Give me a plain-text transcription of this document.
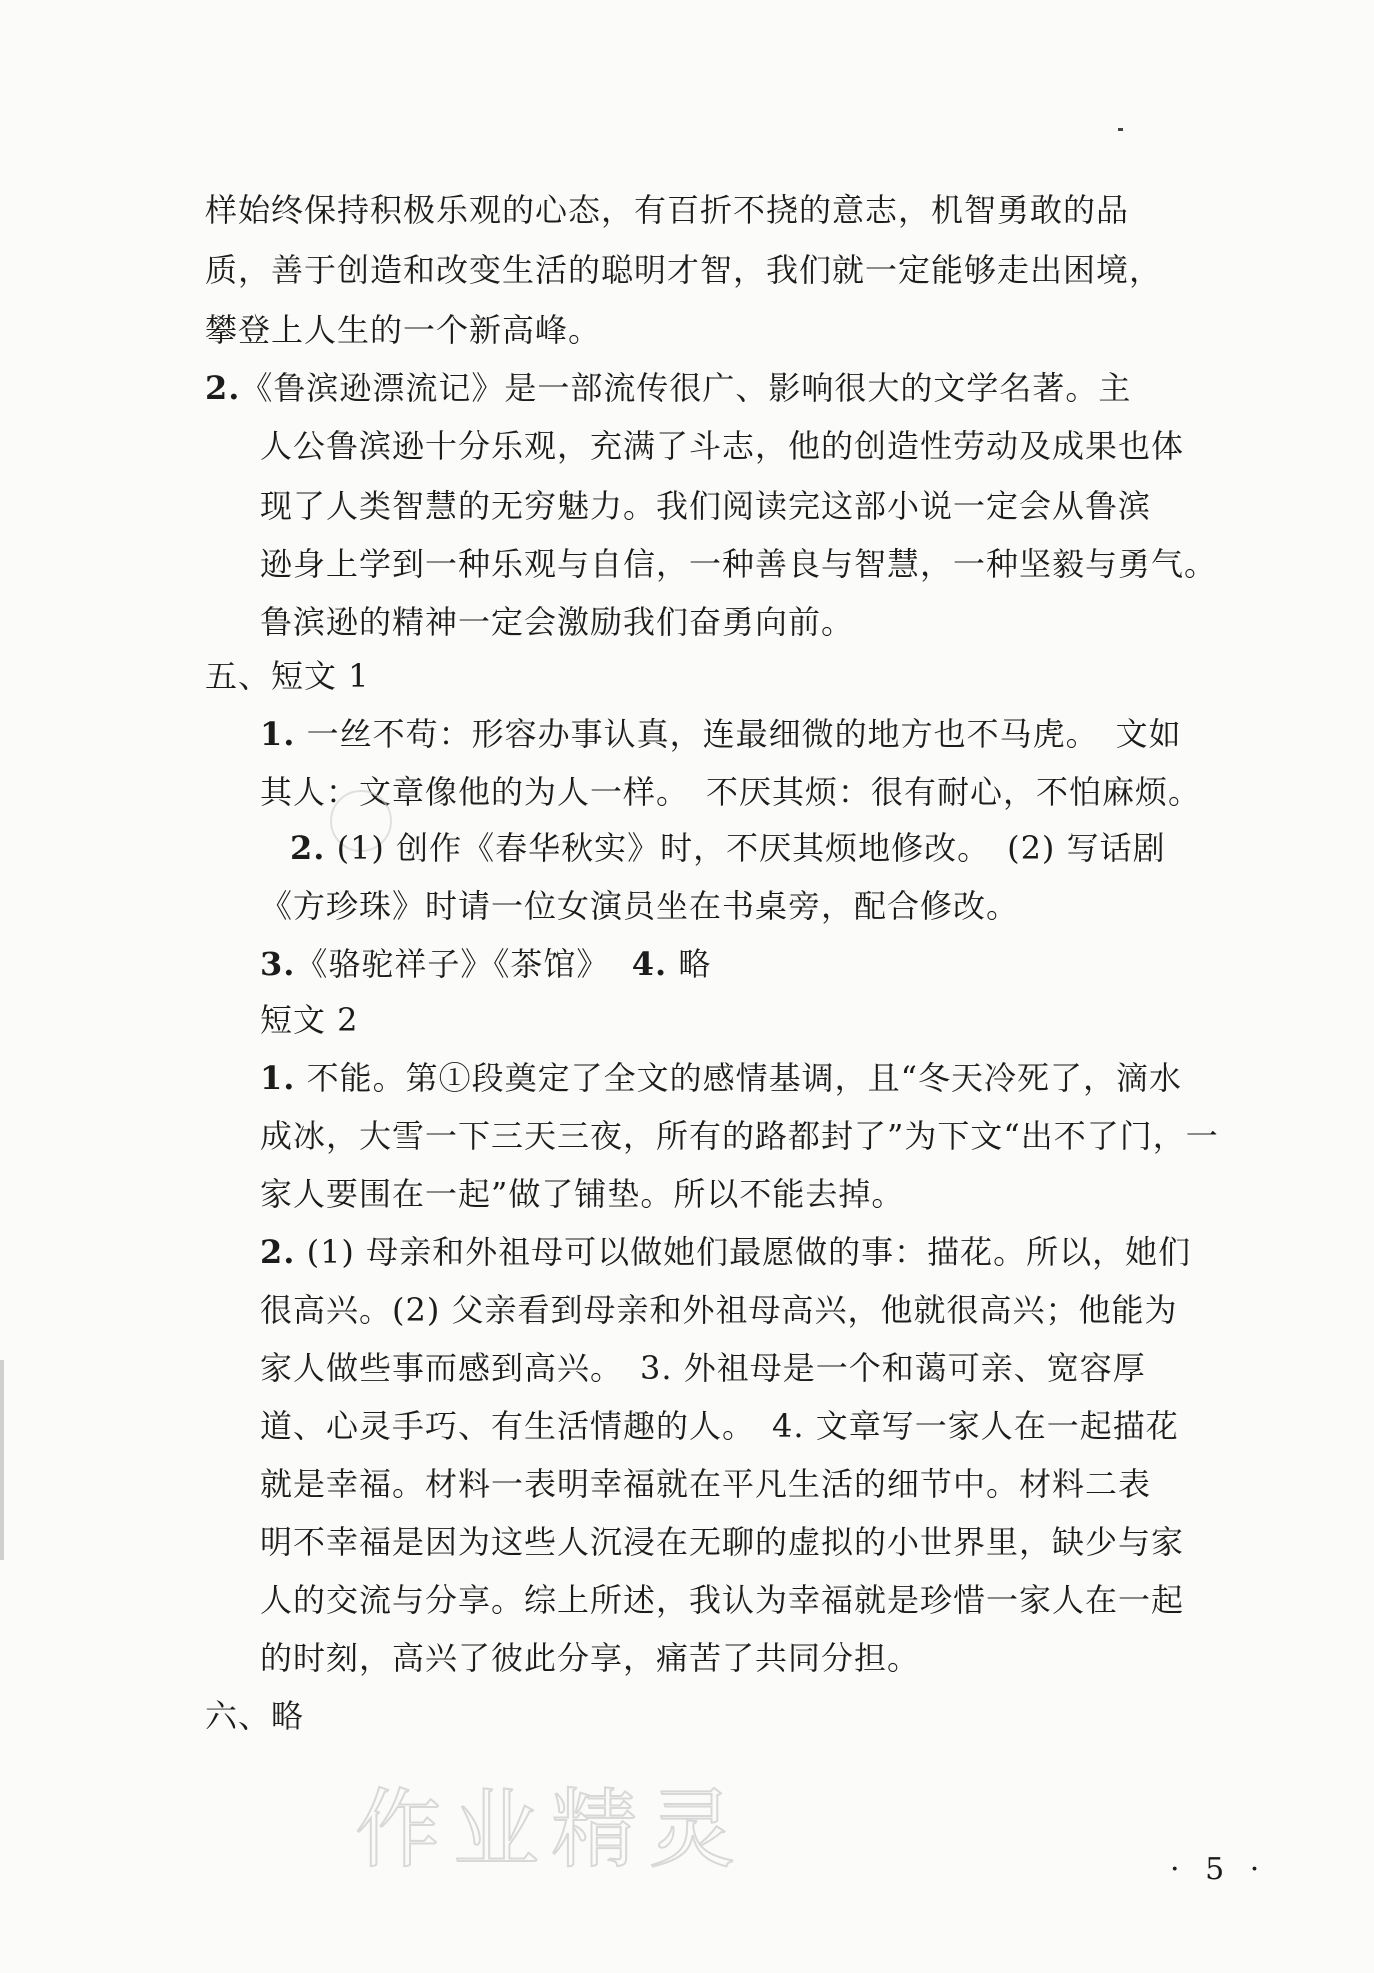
样始终保持积极乐观的心态，有百折不挠的意志，机智勇敢的品
质，善于创造和改变生活的聪明才智，我们就一定能够走出困境，
攀登上人生的一个新高峰。
2.《鲁滨逊漂流记》是一部流传很广、影响很大的文学名著。主
人公鲁滨逊十分乐观，充满了斗志，他的创造性劳动及成果也体
现了人类智慧的无穷魅力。我们阅读完这部小说一定会从鲁滨
逊身上学到一种乐观与自信，一种善良与智慧，一种坚毅与勇气。
鲁滨逊的精神一定会激励我们奋勇向前。
五、短文 1
1. 一丝不苟：形容办事认真，连最细微的地方也不马虎。　文如
其人：文章像他的为人一样。　不厌其烦：很有耐心，不怕麻烦。
2. (1) 创作《春华秋实》时，不厌其烦地修改。　(2) 写话剧
《方珍珠》时请一位女演员坐在书桌旁，配合修改。
3.《骆驼祥子》《茶馆》 4. 略
短文 2
1. 不能。第①段奠定了全文的感情基调，且“冬天冷死了，滴水
成冰，大雪一下三天三夜，所有的路都封了”为下文“出不了门，一
家人要围在一起”做了铺垫。所以不能去掉。
2. (1) 母亲和外祖母可以做她们最愿做的事：描花。所以，她们
很高兴。(2) 父亲看到母亲和外祖母高兴，他就很高兴；他能为
家人做些事而感到高兴。　3. 外祖母是一个和蔼可亲、宽容厚
道、心灵手巧、有生活情趣的人。　4. 文章写一家人在一起描花
就是幸福。材料一表明幸福就在平凡生活的细节中。材料二表
明不幸福是因为这些人沉浸在无聊的虚拟的小世界里，缺少与家
人的交流与分享。综上所述，我认为幸福就是珍惜一家人在一起
的时刻，高兴了彼此分享，痛苦了共同分担。
六、略
作业精灵	· 5 ·
